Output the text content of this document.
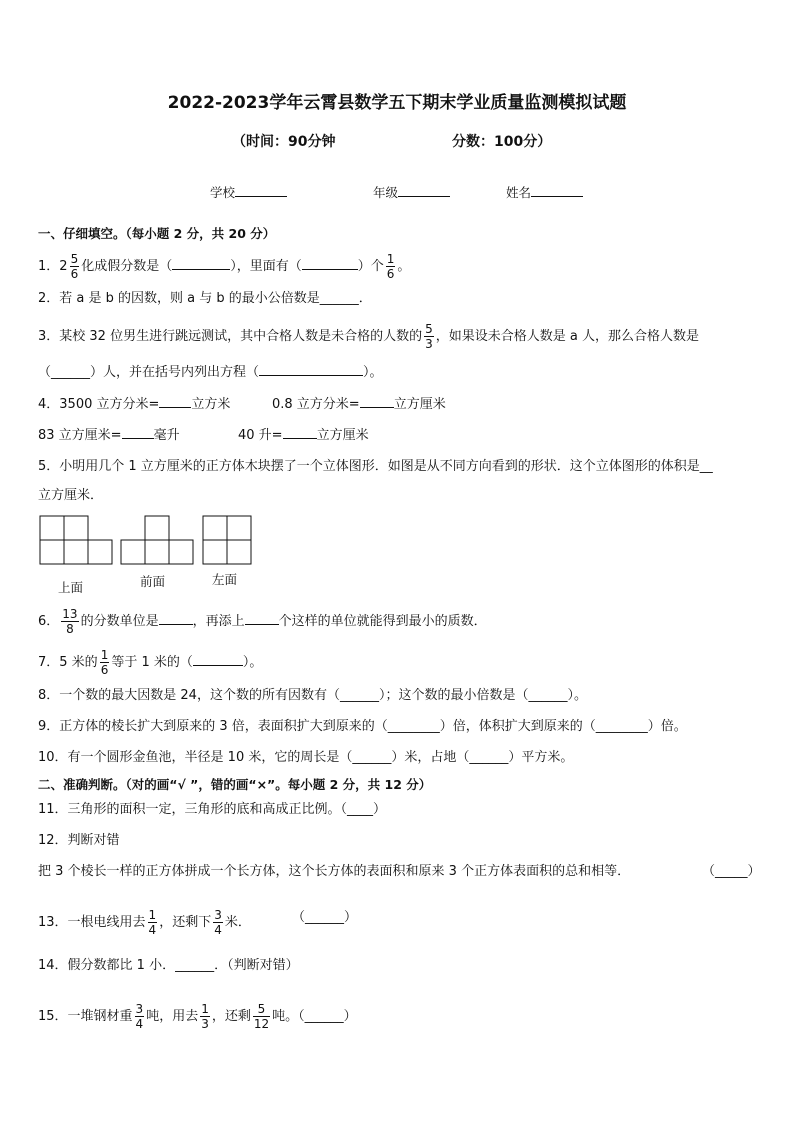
2022-2023学年云霄县数学五下期末学业质量监测模拟试题
（时间：90分钟	分数：100分）
学校	年级	姓名
一、仔细填空。（每小题 2 分，共 20 分）
1．$2 \frac{5}{6}$ 化成假分数是（	），里面有（	）个 $\frac{1}{6}$ 。
2．若 a 是 b 的因数，则 a 与 b 的最小公倍数是______．
3．某校 32 位男生进行跳远测试，其中合格人数是未合格的人数的 $\frac{5}{3}$ ，如果设未合格人数是 a 人，那么合格人数是
（______）人，并在括号内列出方程（	）。
4．3500 立方分米= 立方米	0.8 立方分米=	立方厘米
83 立方厘米= 毫升	40 升=	立方厘米
5．小明用几个 1 立方厘米的正方体木块摆了一个立体图形．如图是从不同方向看到的形状．这个立体图形的体积是__
立方厘米．
上面	前面	左面
6． $\frac{13}{8}$ 的分数单位是	，再添上	个这样的单位就能得到最小的质数．
7．5 米的 $\frac{1}{6}$ 等于 1 米的（	）。
8．一个数的最大因数是 24，这个数的所有因数有（______）；这个数的最小倍数是（______）。
9．正方体的棱长扩大到原来的 3 倍，表面积扩大到原来的（________）倍，体积扩大到原来的（________）倍。
10．有一个圆形金鱼池，半径是 10 米，它的周长是（______）米，占地（______）平方米。
二、准确判断。（对的画“√ ”，错的画“×”。每小题 2 分，共 12 分）
11．三角形的面积一定，三角形的底和高成正比例。（____）
12．判断对错
把 3 个棱长一样的正方体拼成一个长方体，这个长方体的表面积和原来 3 个正方体表面积的总和相等．	（_____）
13．一根电线用去 $\frac{1}{4}$ ，还剩下 $\frac{3}{4}$ 米．	（______）
14．假分数都比 1 小．______．（判断对错）
15．一堆钢材重 $\frac{3}{4}$ 吨，用去 $\frac{1}{3}$ ，还剩 $\frac{5}{12}$ 吨。（______）
